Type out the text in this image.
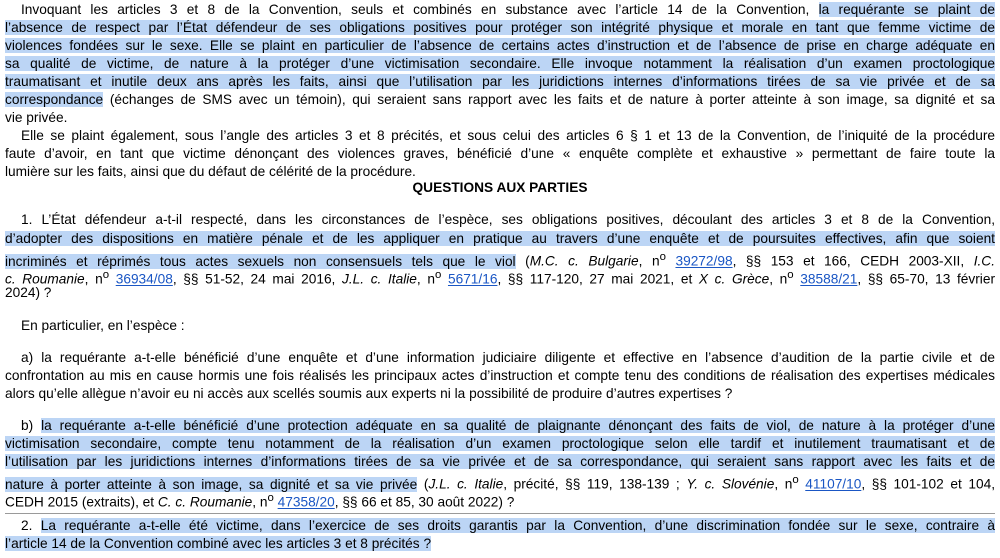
Invoquant les articles 3 et 8 de la Convention, seuls et combinés en substance avec l’article 14 de la Convention, la requérante se plaint de
l’absence de respect par l’État défendeur de ses obligations positives pour protéger son intégrité physique et morale en tant que femme victime de
violences fondées sur le sexe. Elle se plaint en particulier de l’absence de certains actes d’instruction et de l’absence de prise en charge adéquate en
sa qualité de victime, de nature à la protéger d’une victimisation secondaire. Elle invoque notamment la réalisation d’un examen proctologique
traumatisant et inutile deux ans après les faits, ainsi que l’utilisation par les juridictions internes d’informations tirées de sa vie privée et de sa
correspondance (échanges de SMS avec un témoin), qui seraient sans rapport avec les faits et de nature à porter atteinte à son image, sa dignité et sa
vie privée.
Elle se plaint également, sous l’angle des articles 3 et 8 précités, et sous celui des articles 6 § 1 et 13 de la Convention, de l’iniquité de la procédure
faute d’avoir, en tant que victime dénonçant des violences graves, bénéficié d’une « enquête complète et exhaustive » permettant de faire toute la
lumière sur les faits, ainsi que du défaut de célérité de la procédure.
QUESTIONS AUX PARTIES
1. L’État défendeur a-t-il respecté, dans les circonstances de l’espèce, ses obligations positives, découlant des articles 3 et 8 de la Convention,
d’adopter des dispositions en matière pénale et de les appliquer en pratique au travers d’une enquête et de poursuites effectives, afin que soient
incriminés et réprimés tous actes sexuels non consensuels tels que le viol (M.C. c. Bulgarie, $n^o$ 39272/98, §§ 153 et 166, CEDH 2003-XII, I.C.
c. Roumanie, $n^o$ 36934/08, §§ 51-52, 24 mai 2016, J.L. c. Italie, $n^o$ 5671/16, §§ 117-120, 27 mai 2021, et X c. Grèce, $n^o$ 38588/21, §§ 65-70, 13 février
2024) ?
En particulier, en l’espèce :
a) la requérante a-t-elle bénéficié d’une enquête et d’une information judiciaire diligente et effective en l’absence d’audition de la partie civile et de
confrontation au mis en cause hormis une fois réalisés les principaux actes d’instruction et compte tenu des conditions de réalisation des expertises médicales
alors qu’elle allègue n’avoir eu ni accès aux scellés soumis aux experts ni la possibilité de produire d’autres expertises ?
b) la requérante a-t-elle bénéficié d’une protection adéquate en sa qualité de plaignante dénonçant des faits de viol, de nature à la protéger d’une
victimisation secondaire, compte tenu notamment de la réalisation d’un examen proctologique selon elle tardif et inutilement traumatisant et de
l’utilisation par les juridictions internes d’informations tirées de sa vie privée et de sa correspondance, qui seraient sans rapport avec les faits et de
nature à porter atteinte à son image, sa dignité et sa vie privée (J.L. c. Italie, précité, §§ 119, 138-139 ; Y. c. Slovénie, $n^o$ 41107/10, §§ 101-102 et 104,
CEDH 2015 (extraits), et C. c. Roumanie, $n^o$ 47358/20, §§ 66 et 85, 30 août 2022) ?
2. La requérante a-t-elle été victime, dans l’exercice de ses droits garantis par la Convention, d’une discrimination fondée sur le sexe, contraire à
l’article 14 de la Convention combiné avec les articles 3 et 8 précités ?
